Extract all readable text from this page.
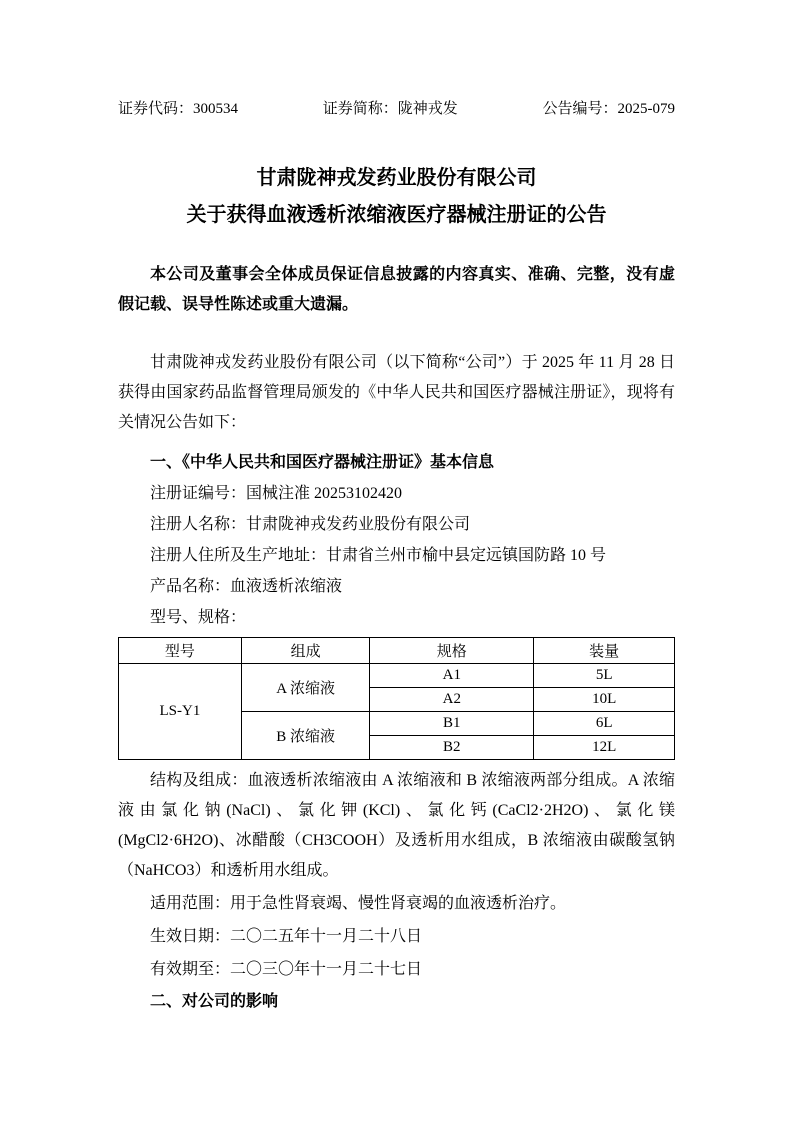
证券代码：300534	证券简称：陇神戎发	公告编号：2025-079
甘肃陇神戎发药业股份有限公司
关于获得血液透析浓缩液医疗器械注册证的公告

本公司及董事会全体成员保证信息披露的内容真实、准确、完整，没有虚假记载、误导性陈述或重大遗漏。

甘肃陇神戎发药业股份有限公司（以下简称“公司”）于 2025 年 11 月 28 日获得由国家药品监督管理局颁发的《中华人民共和国医疗器械注册证》，现将有关情况公告如下：

一、《中华人民共和国医疗器械注册证》基本信息

注册证编号：国械注准 20253102420

注册人名称：甘肃陇神戎发药业股份有限公司

注册人住所及生产地址：甘肃省兰州市榆中县定远镇国防路 10 号

产品名称：血液透析浓缩液

型号、规格：

型号	组成	规格	装量
LS-Y1	A 浓缩液	A1	5L
		A2	10L
	B 浓缩液	B1	6L
		B2	12L

结构及组成：血液透析浓缩液由 A 浓缩液和 B 浓缩液两部分组成。A 浓缩液由氯化钠(NaCl)、氯化钾(KCl)、氯化钙(CaCl2·2H2O)、氯化镁(MgCl2·6H2O)、冰醋酸（CH3COOH）及透析用水组成，B 浓缩液由碳酸氢钠（NaHCO3）和透析用水组成。

适用范围：用于急性肾衰竭、慢性肾衰竭的血液透析治疗。

生效日期：二〇二五年十一月二十八日

有效期至：二〇三〇年十一月二十七日

二、对公司的影响
